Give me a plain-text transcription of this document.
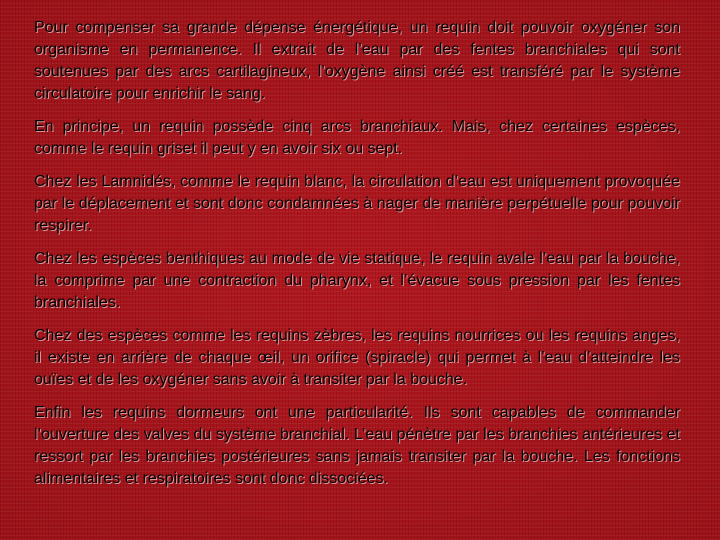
Pour compenser sa grande dépense énergétique, un requin doit pouvoir oxygéner son organisme en permanence. Il extrait de l’eau par des fentes branchiales qui sont soutenues par des arcs cartilagineux, l’oxygène ainsi créé est transféré par le système circulatoire pour enrichir le sang.

En principe, un requin possède cinq arcs branchiaux. Mais, chez certaines espèces, comme le requin griset il peut y en avoir six ou sept.

Chez les Lamnidés, comme le requin blanc, la circulation d’eau est uniquement provoquée par le déplacement et sont donc condamnées à nager de manière perpétuelle pour pouvoir respirer.

Chez les espèces benthiques au mode de vie statique, le requin avale l’eau par la bouche, la comprime par une contraction du pharynx, et l’évacue sous pression par les fentes branchiales.

Chez des espèces comme les requins zèbres, les requins nourrices ou les requins anges, il existe en arrière de chaque œil, un orifice (spiracle) qui permet à l’eau d’atteindre les ouïes et de les oxygéner sans avoir à transiter par la bouche.

Enfin les requins dormeurs ont une particularité. Ils sont capables de commander l’ouverture des valves du système branchial. L’eau pénètre par les branchies antérieures et ressort par les branchies postérieures sans jamais transiter par la bouche. Les fonctions alimentaires et respiratoires sont donc dissociées.
